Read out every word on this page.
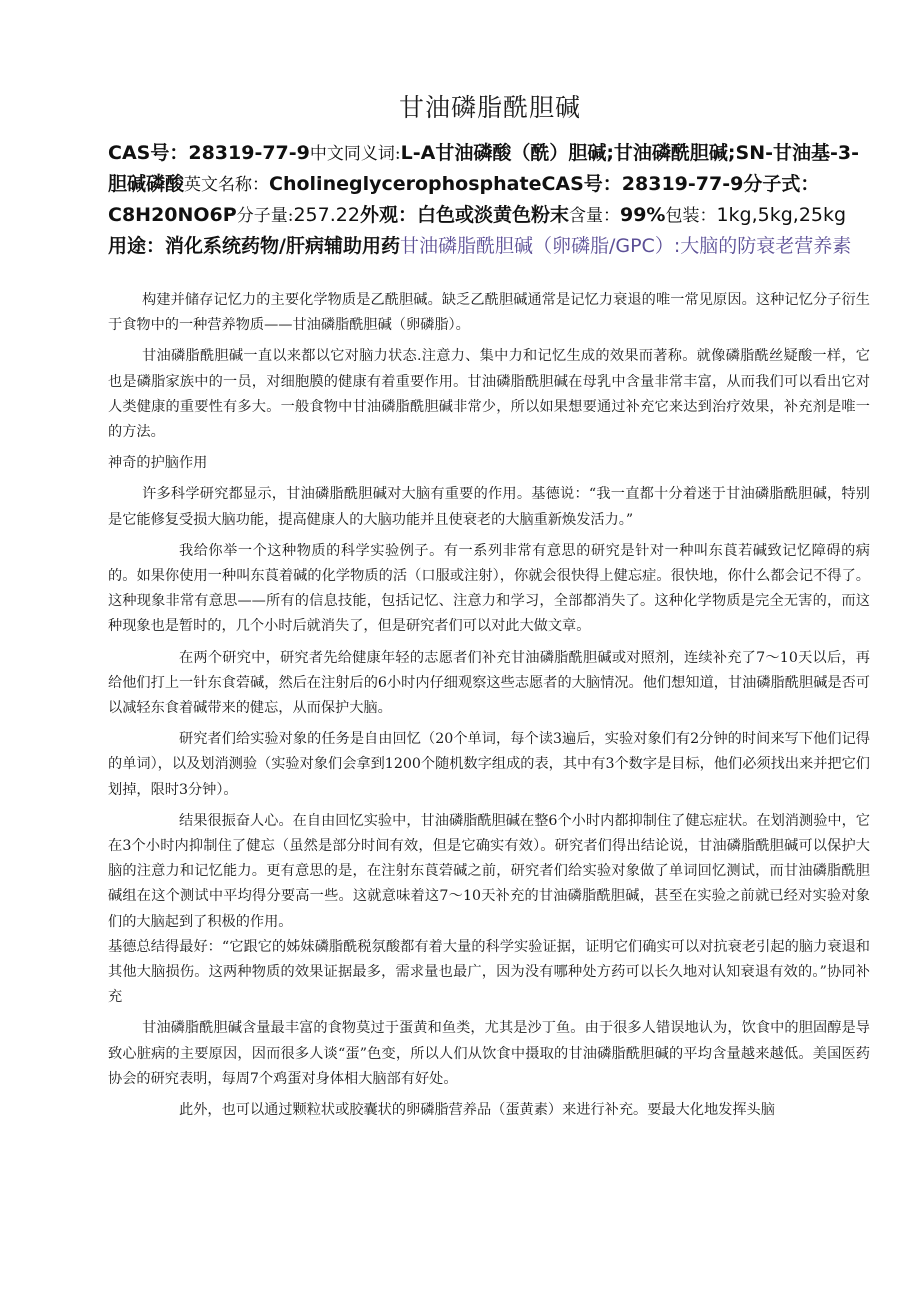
甘油磷脂酰胆碱
CAS号：28319-77-9中文同义词:L-A甘油磷酸（酰）胆碱;甘油磷酰胆碱;SN-甘油基-3-胆碱磷酸英文名称：CholineglycerophosphateCAS号：28319-77-9分子式：C8H20NO6P分子量:257.22外观：白色或淡黄色粉末含量：99%包装：1kg,5kg,25kg
用途：消化系统药物/肝病辅助用药甘油磷脂酰胆碱（卵磷脂/GPC）:大脑的防衰老营养素

构建并储存记忆力的主要化学物质是乙酰胆碱。缺乏乙酰胆碱通常是记忆力衰退的唯一常见原因。这种记忆分子衍生于食物中的一种营养物质——甘油磷脂酰胆碱（卵磷脂）。

甘油磷脂酰胆碱一直以来都以它对脑力状态.注意力、集中力和记忆生成的效果而著称。就像磷脂酰丝疑酸一样，它也是磷脂家族中的一员，对细胞膜的健康有着重要作用。甘油磷脂酰胆碱在母乳中含量非常丰富，从而我们可以看出它对人类健康的重要性有多大。一般食物中甘油磷脂酰胆碱非常少，所以如果想要通过补充它来达到治疗效果，补充剂是唯一的方法。

神奇的护脑作用

许多科学研究都显示，甘油磷脂酰胆碱对大脑有重要的作用。基德说：“我一直都十分着迷于甘油磷脂酰胆碱，特别是它能修复受损大脑功能，提高健康人的大脑功能并且使衰老的大脑重新焕发活力。”

我给你举一个这种物质的科学实验例子。有一系列非常有意思的研究是针对一种叫东莨若碱致记忆障碍的病的。如果你使用一种叫东莨着碱的化学物质的活（口服或注射），你就会很快得上健忘症。很快地，你什么都会记不得了。这种现象非常有意思——所有的信息技能，包括记忆、注意力和学习，全部都消失了。这种化学物质是完全无害的，而这种现象也是暂时的，几个小时后就消失了，但是研究者们可以对此大做文章。

在两个研究中，研究者先给健康年轻的志愿者们补充甘油磷脂酰胆碱或对照剂，连续补充了7～10天以后，再给他们打上一针东食菪碱，然后在注射后的6小时内仔细观察这些志愿者的大脑情况。他们想知道，甘油磷脂酰胆碱是否可以减轻东食着碱带来的健忘，从而保护大脑。

研究者们给实验对象的任务是自由回忆（20个单词，每个读3遍后，实验对象们有2分钟的时间来写下他们记得的单词），以及划消测验（实验对象们会拿到1200个随机数字组成的表，其中有3个数字是目标，他们必须找出来并把它们划掉，限时3分钟）。

结果很振奋人心。在自由回忆实验中，甘油磷脂酰胆碱在整6个小时内都抑制住了健忘症状。在划消测验中，它在3个小时内抑制住了健忘（虽然是部分时间有效，但是它确实有效）。研究者们得出结论说，甘油磷脂酰胆碱可以保护大脑的注意力和记忆能力。更有意思的是，在注射东莨菪碱之前，研究者们给实验对象做了单词回忆测试，而甘油磷脂酰胆碱组在这个测试中平均得分要高一些。这就意味着这7～10天补充的甘油磷脂酰胆碱，甚至在实验之前就已经对实验对象们的大脑起到了积极的作用。

基德总结得最好：“它跟它的姊妹磷脂酰税氛酸都有着大量的科学实验证据，证明它们确实可以对抗衰老引起的脑力衰退和其他大脑损伤。这两种物质的效果证据最多，需求量也最广，因为没有哪种处方药可以长久地对认知衰退有效的。”协同补充

甘油磷脂酰胆碱含量最丰富的食物莫过于蛋黄和鱼类，尤其是沙丁鱼。由于很多人错误地认为，饮食中的胆固醇是导致心脏病的主要原因，因而很多人谈“蛋”色变，所以人们从饮食中摄取的甘油磷脂酰胆碱的平均含量越来越低。美国医药协会的研究表明，每周7个鸡蛋对身体相大脑部有好处。

此外，也可以通过颗粒状或胶囊状的卵磷脂营养品（蛋黄素）来进行补充。要最大化地发挥头脑
